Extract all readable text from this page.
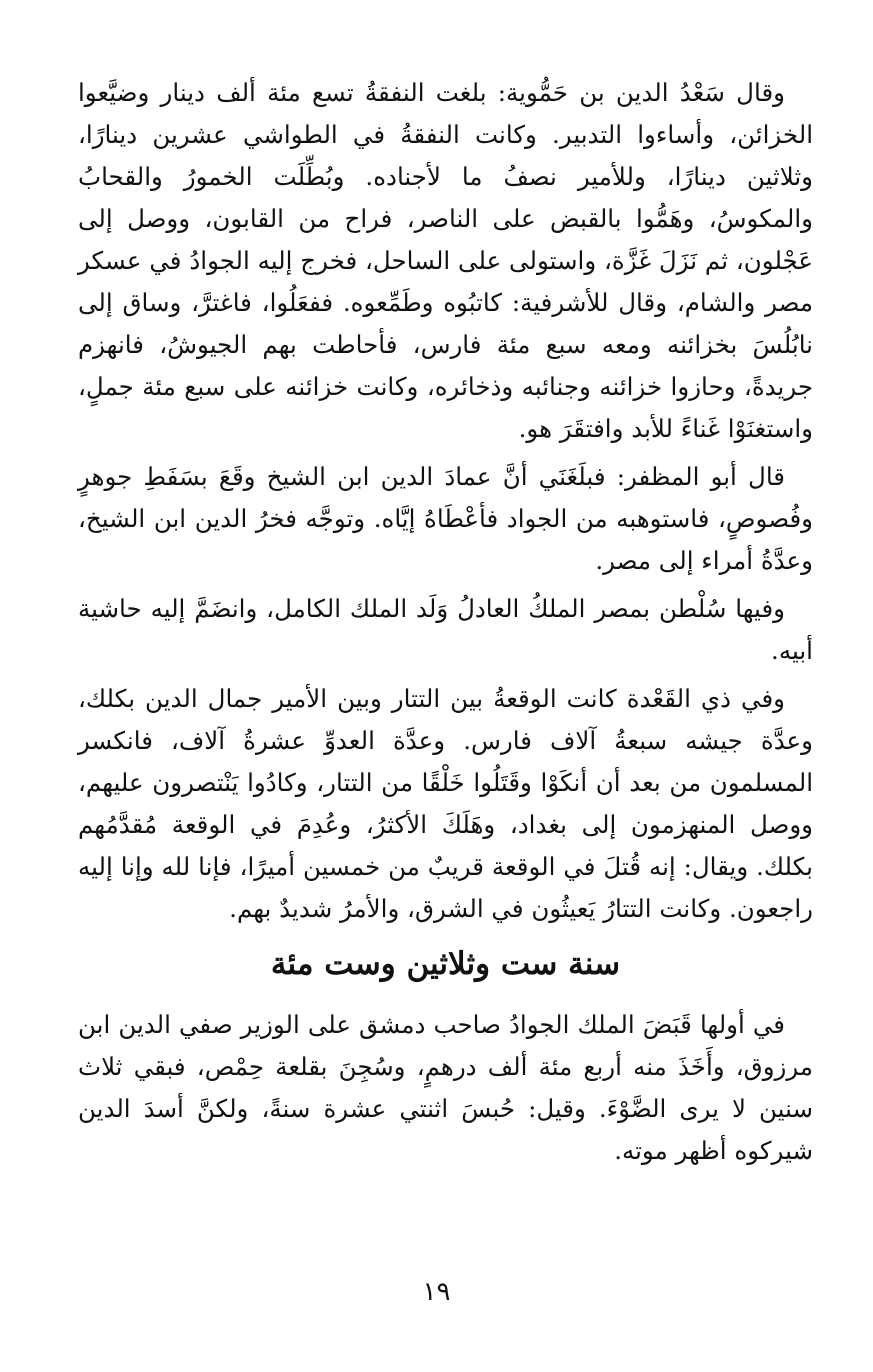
وقال سَعْدُ الدين بن حَمُّوية: بلغت النفقةُ تسع مئة ألف دينار وضيَّعوا الخزائن، وأساءوا التدبير. وكانت النفقةُ في الطواشي عشرين دينارًا، وثلاثين دينارًا، وللأمير نصفُ ما لأجناده. وبُطِّلَت الخمورُ والقحابُ والمكوسُ، وهَمُّوا بالقبض على الناصر، فراح من القابون، ووصل إلى عَجْلون، ثم نَزَلَ غَزَّة، واستولى على الساحل، فخرج إليه الجوادُ في عسكر مصر والشام، وقال للأشرفية: كاتبُوه وطَمِّعوه. ففعَلُوا، فاغترَّ، وساق إلى نابُلُسَ بخزائنه ومعه سبع مئة فارس، فأحاطت بهم الجيوشُ، فانهزم جريدةً، وحازوا خزائنه وجنائبه وذخائره، وكانت خزائنه على سبع مئة جملٍ، واستغنَوْا غَناءً للأبد وافتقَرَ هو.

قال أبو المظفر: فبلَغَنَي أنَّ عمادَ الدين ابن الشيخ وقَعَ بسَفَطِ جوهرٍ وفُصوصٍ، فاستوهبه من الجواد فأعْطَاهُ إيَّاه. وتوجَّه فخرُ الدين ابن الشيخ، وعدَّةُ أمراء إلى مصر.

وفيها سُلْطن بمصر الملكُ العادلُ وَلَد الملك الكامل، وانضَمَّ إليه حاشية أبيه.

وفي ذي القَعْدة كانت الوقعةُ بين التتار وبين الأمير جمال الدين بكلك، وعدَّة جيشه سبعةُ آلاف فارس. وعدَّة العدوِّ عشرةُ آلاف، فانكسر المسلمون من بعد أن أنكَوْا وقَتَلُوا خَلْقًا من التتار، وكادُوا يَنْتصرون عليهم، ووصل المنهزمون إلى بغداد، وهَلَكَ الأكثرُ، وعُدِمَ في الوقعة مُقدَّمُهم بكلك. ويقال: إنه قُتلَ في الوقعة قريبٌ من خمسين أميرًا، فإنا لله وإنا إليه راجعون. وكانت التتارُ يَعيثُون في الشرق، والأمرُ شديدٌ بهم.

سنة ست وثلاثين وست مئة

في أولها قَبَضَ الملك الجوادُ صاحب دمشق على الوزير صفي الدين ابن مرزوق، وأَخَذَ منه أربع مئة ألف درهمٍ، وسُجِنَ بقلعة حِمْص، فبقي ثلاث سنين لا يرى الضَّوْءَ. وقيل: حُبسَ اثنتي عشرة سنةً، ولكنَّ أسدَ الدين شيركوه أظهر موته.

١٩
